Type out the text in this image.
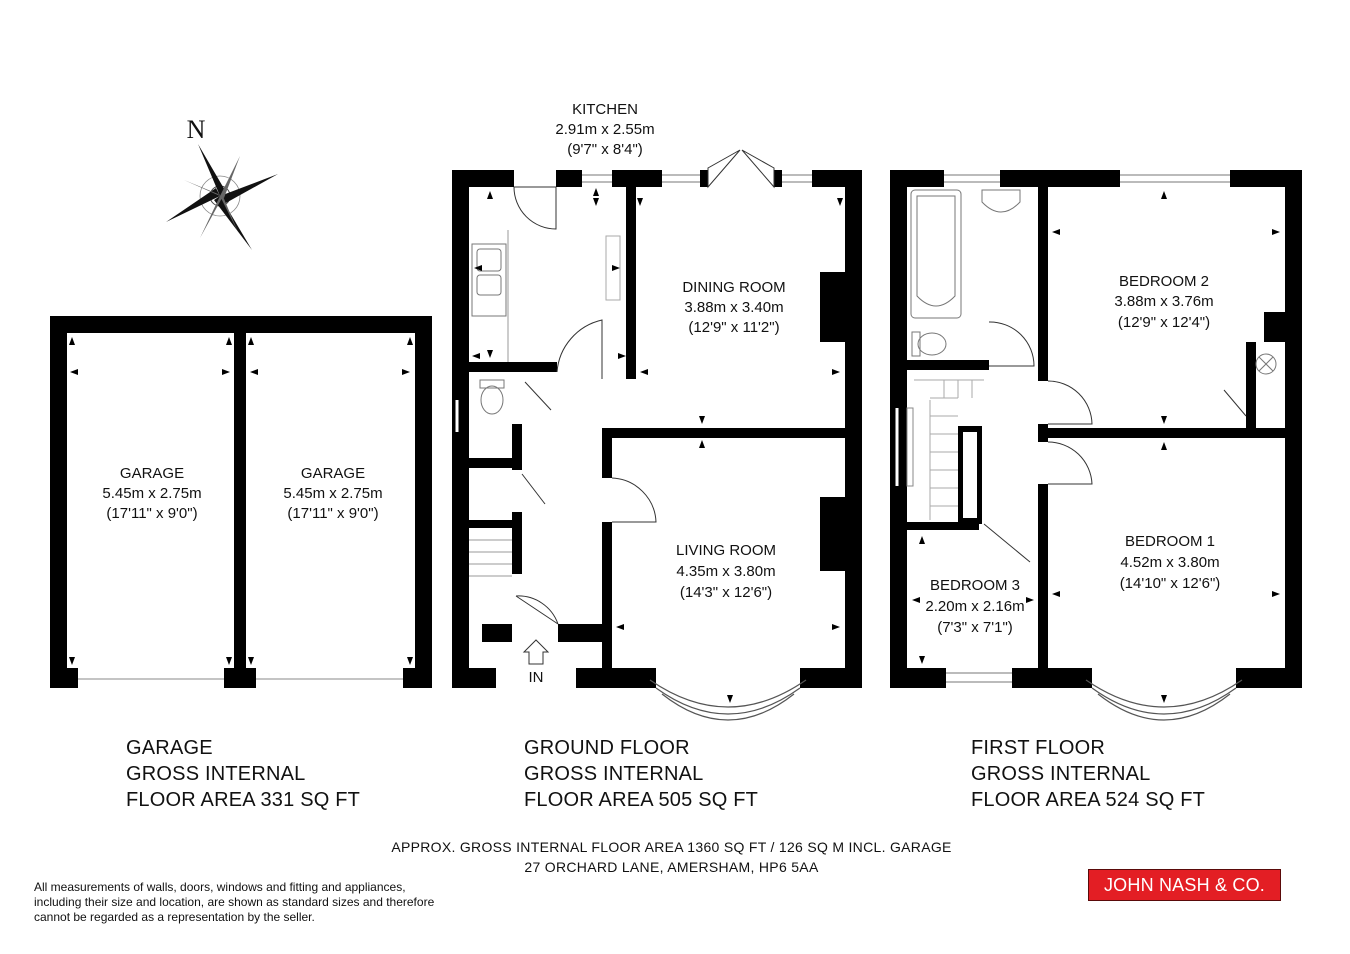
N
IN
GARAGE
5.45m x 2.75m
(17'11" x 9'0")
GARAGE
5.45m x 2.75m
(17'11" x 9'0")
KITCHEN
2.91m x 2.55m
(9'7" x 8'4")
DINING ROOM
3.88m x 3.40m
(12'9" x 11'2")
LIVING ROOM
4.35m x 3.80m
(14'3" x 12'6")
BEDROOM 2
3.88m x 3.76m
(12'9" x 12'4")
BEDROOM 1
4.52m x 3.80m
(14'10" x 12'6")
BEDROOM 3
2.20m x 2.16m
(7'3" x 7'1")
GARAGE
GROSS INTERNAL
FLOOR AREA 331 SQ FT
GROUND FLOOR
GROSS INTERNAL
FLOOR AREA 505 SQ FT
FIRST FLOOR
GROSS INTERNAL
FLOOR AREA 524 SQ FT
APPROX. GROSS INTERNAL FLOOR AREA 1360 SQ FT / 126 SQ M INCL. GARAGE
27 ORCHARD LANE, AMERSHAM, HP6 5AA
All measurements of walls, doors, windows and fitting and appliances,
including their size and location, are shown as standard sizes and therefore
cannot be regarded as a representation by the seller.
JOHN NASH & CO.
